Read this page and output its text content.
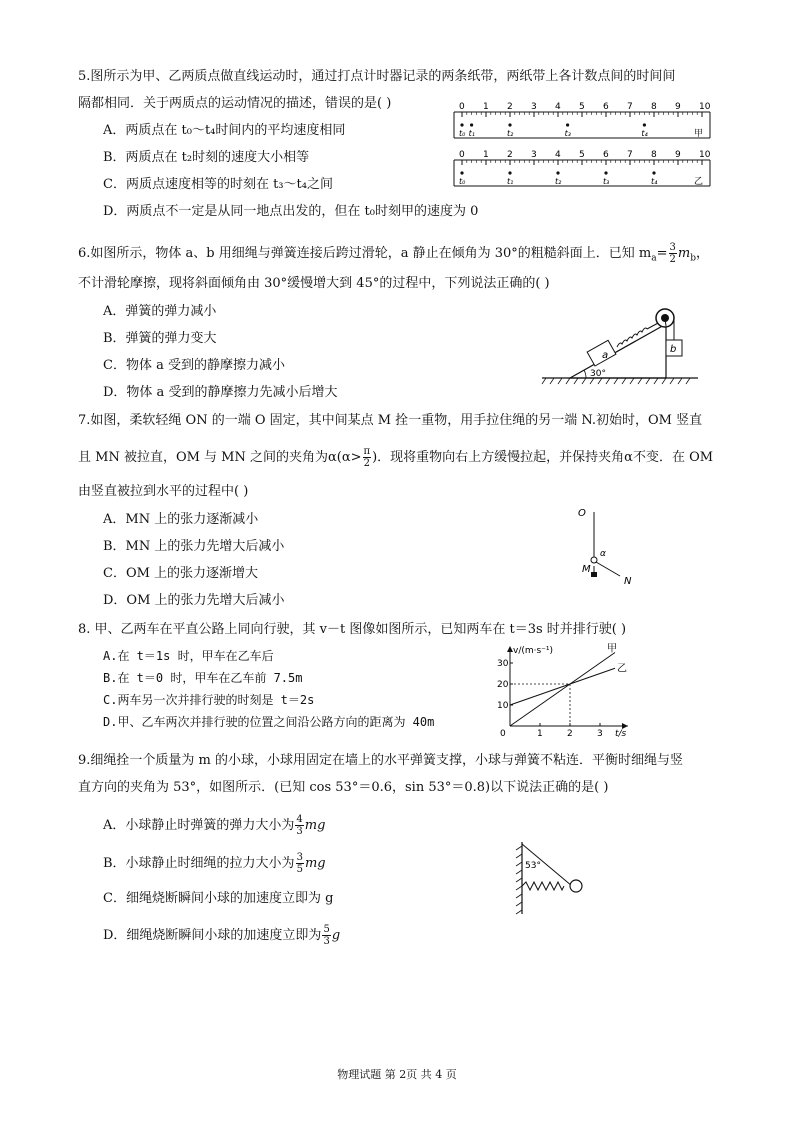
5.图所示为甲、乙两质点做直线运动时，通过打点计时器记录的两条纸带，两纸带上各计数点间的时间间
隔都相同．关于两质点的运动情况的描述，错误的是( )
A．两质点在 t₀～t₄时间内的平均速度相同
B．两质点在 t₂时刻的速度大小相等
C．两质点速度相等的时刻在 t₃～t₄之间
D．两质点不一定是从同一地点出发的，但在 t₀时刻甲的速度为 0
0 1 2 3 4 5 6 7 8 9 10
t₀ t₁	t₂	t₃	t₄	甲
0 1 2 3 4 5 6 7 8 9 10
t₀	t₁	t₂	t₃	t₄	乙
6.如图所示，物体 a、b 用细绳与弹簧连接后跨过滑轮，a 静止在倾角为 30°的粗糙斜面上．已知 $m_a= \frac{3}{2} m_b$，
不计滑轮摩擦，现将斜面倾角由 30°缓慢增大到 45°的过程中，下列说法正确的( )
A．弹簧的弹力减小
B．弹簧的弹力变大
C．物体 a 受到的静摩擦力减小
D．物体 a 受到的静摩擦力先减小后增大
a
b
30°
7.如图，柔软轻绳 ON 的一端 O 固定，其中间某点 M 拴一重物，用手拉住绳的另一端 N.初始时，OM 竖直
且 MN 被拉直，OM 与 MN 之间的夹角为$\alpha(\alpha> \frac{\pi}{2}$ )．现将重物向右上方缓慢拉起，并保持夹角α不变．在 OM
由竖直被拉到水平的过程中( )
A．MN 上的张力逐渐减小
B．MN 上的张力先增大后减小
C．OM 上的张力逐渐增大
D．OM 上的张力先增大后减小
O
α
M
N
8. 甲、乙两车在平直公路上同向行驶，其 v－t 图像如图所示，已知两车在 t＝3s 时并排行驶( )
A.在 t＝1s 时，甲车在乙车后
B.在 t＝0 时，甲车在乙车前 7.5m
C.两车另一次并排行驶的时刻是 t＝2s
D.甲、乙车两次并排行驶的位置之间沿公路方向的距离为 40m
v/(m·s⁻¹)
t/s
0
10
20
30
1	2	3
甲
乙
9.细绳拴一个质量为 m 的小球，小球用固定在墙上的水平弹簧支撑，小球与弹簧不粘连．平衡时细绳与竖
直方向的夹角为 53°，如图所示．(已知 cos 53°＝0.6，sin 53°＝0.8)以下说法正确的是( )
A．小球静止时弹簧的弹力大小为 $\frac{4}{3}$ mg
B．小球静止时细绳的拉力大小为 $\frac{3}{5}$ mg
C．细绳烧断瞬间小球的加速度立即为 g
D．细绳烧断瞬间小球的加速度立即为 $\frac{5}{3}$ g
53°
物理试题 第 2页 共 4 页
